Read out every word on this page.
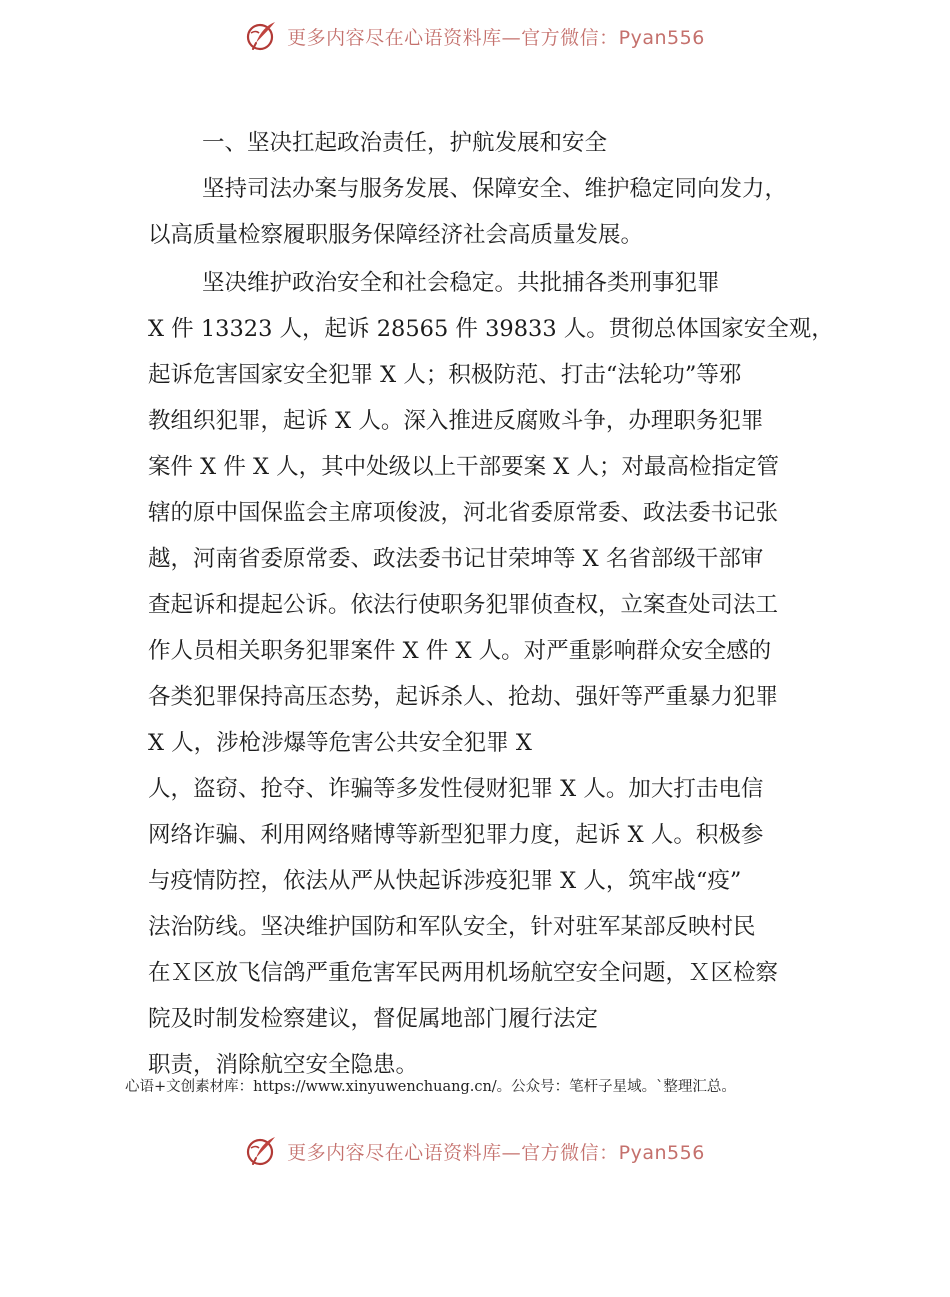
更多内容尽在心语资料库—官方微信：Pyan556
一、坚决扛起政治责任，护航发展和安全
坚持司法办案与服务发展、保障安全、维护稳定同向发力，
以高质量检察履职服务保障经济社会高质量发展。
坚决维护政治安全和社会稳定。共批捕各类刑事犯罪
X 件 13323 人，起诉 28565 件 39833 人。贯彻总体国家安全观，
起诉危害国家安全犯罪 X 人；积极防范、打击“法轮功”等邪
教组织犯罪，起诉 X 人。深入推进反腐败斗争，办理职务犯罪
案件 X 件 X 人，其中处级以上干部要案 X 人；对最高检指定管
辖的原中国保监会主席项俊波，河北省委原常委、政法委书记张
越，河南省委原常委、政法委书记甘荣坤等 X 名省部级干部审
查起诉和提起公诉。依法行使职务犯罪侦查权，立案查处司法工
作人员相关职务犯罪案件 X 件 X 人。对严重影响群众安全感的
各类犯罪保持高压态势，起诉杀人、抢劫、强奸等严重暴力犯罪
X 人，涉枪涉爆等危害公共安全犯罪 X
人，盗窃、抢夺、诈骗等多发性侵财犯罪 X 人。加大打击电信
网络诈骗、利用网络赌博等新型犯罪力度，起诉 X 人。积极参
与疫情防控，依法从严从快起诉涉疫犯罪 X 人，筑牢战“疫”
法治防线。坚决维护国防和军队安全，针对驻军某部反映村民
在Ｘ区放飞信鸽严重危害军民两用机场航空安全问题，Ｘ区检察
院及时制发检察建议，督促属地部门履行法定
职责，消除航空安全隐患。
心语+文创素材库：https://www.xinyuwenchuang.cn/。公众号：笔杆子星域。`整理汇总。
更多内容尽在心语资料库—官方微信：Pyan556
